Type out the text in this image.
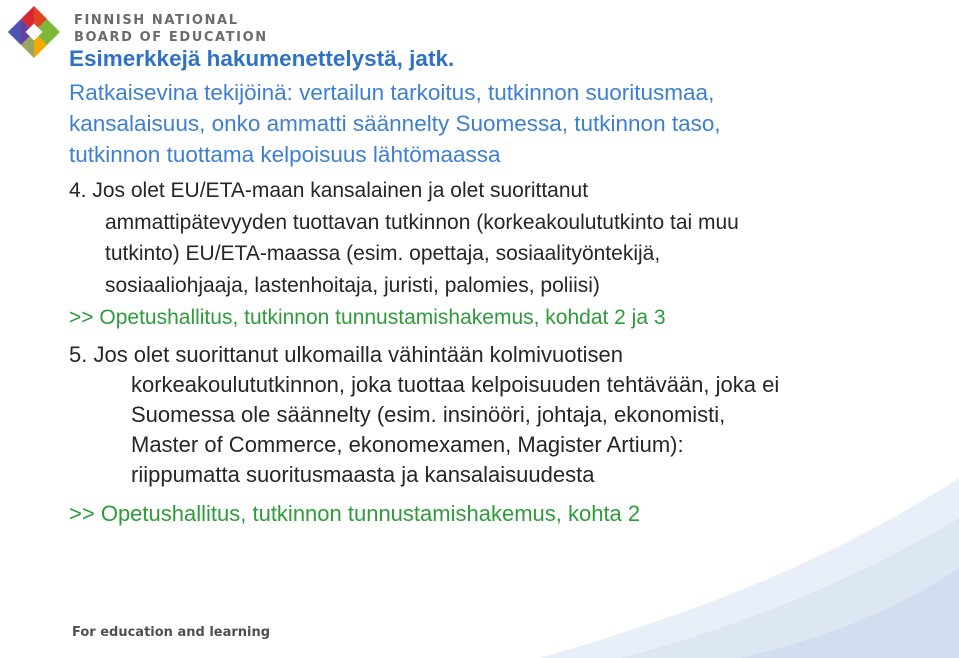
FINNISH NATIONAL
BOARD OF EDUCATION
Esimerkkejä hakumenettelystä, jatk.
Ratkaisevina tekijöinä: vertailun tarkoitus, tutkinnon suoritusmaa,
kansalaisuus, onko ammatti säännelty Suomessa, tutkinnon taso,
tutkinnon tuottama kelpoisuus lähtömaassa
4. Jos olet EU/ETA-maan kansalainen ja olet suorittanut
ammattipätevyyden tuottavan tutkinnon (korkeakoulututkinto tai muu
tutkinto) EU/ETA-maassa (esim. opettaja, sosiaalityöntekijä,
sosiaaliohjaaja, lastenhoitaja, juristi, palomies, poliisi)
>> Opetushallitus, tutkinnon tunnustamishakemus, kohdat 2 ja 3
5. Jos olet suorittanut ulkomailla vähintään kolmivuotisen
korkeakoulututkinnon, joka tuottaa kelpoisuuden tehtävään, joka ei
Suomessa ole säännelty (esim. insinööri, johtaja, ekonomisti,
Master of Commerce, ekonomexamen, Magister Artium):
riippumatta suoritusmaasta ja kansalaisuudesta
>> Opetushallitus, tutkinnon tunnustamishakemus, kohta 2
For education and learning
